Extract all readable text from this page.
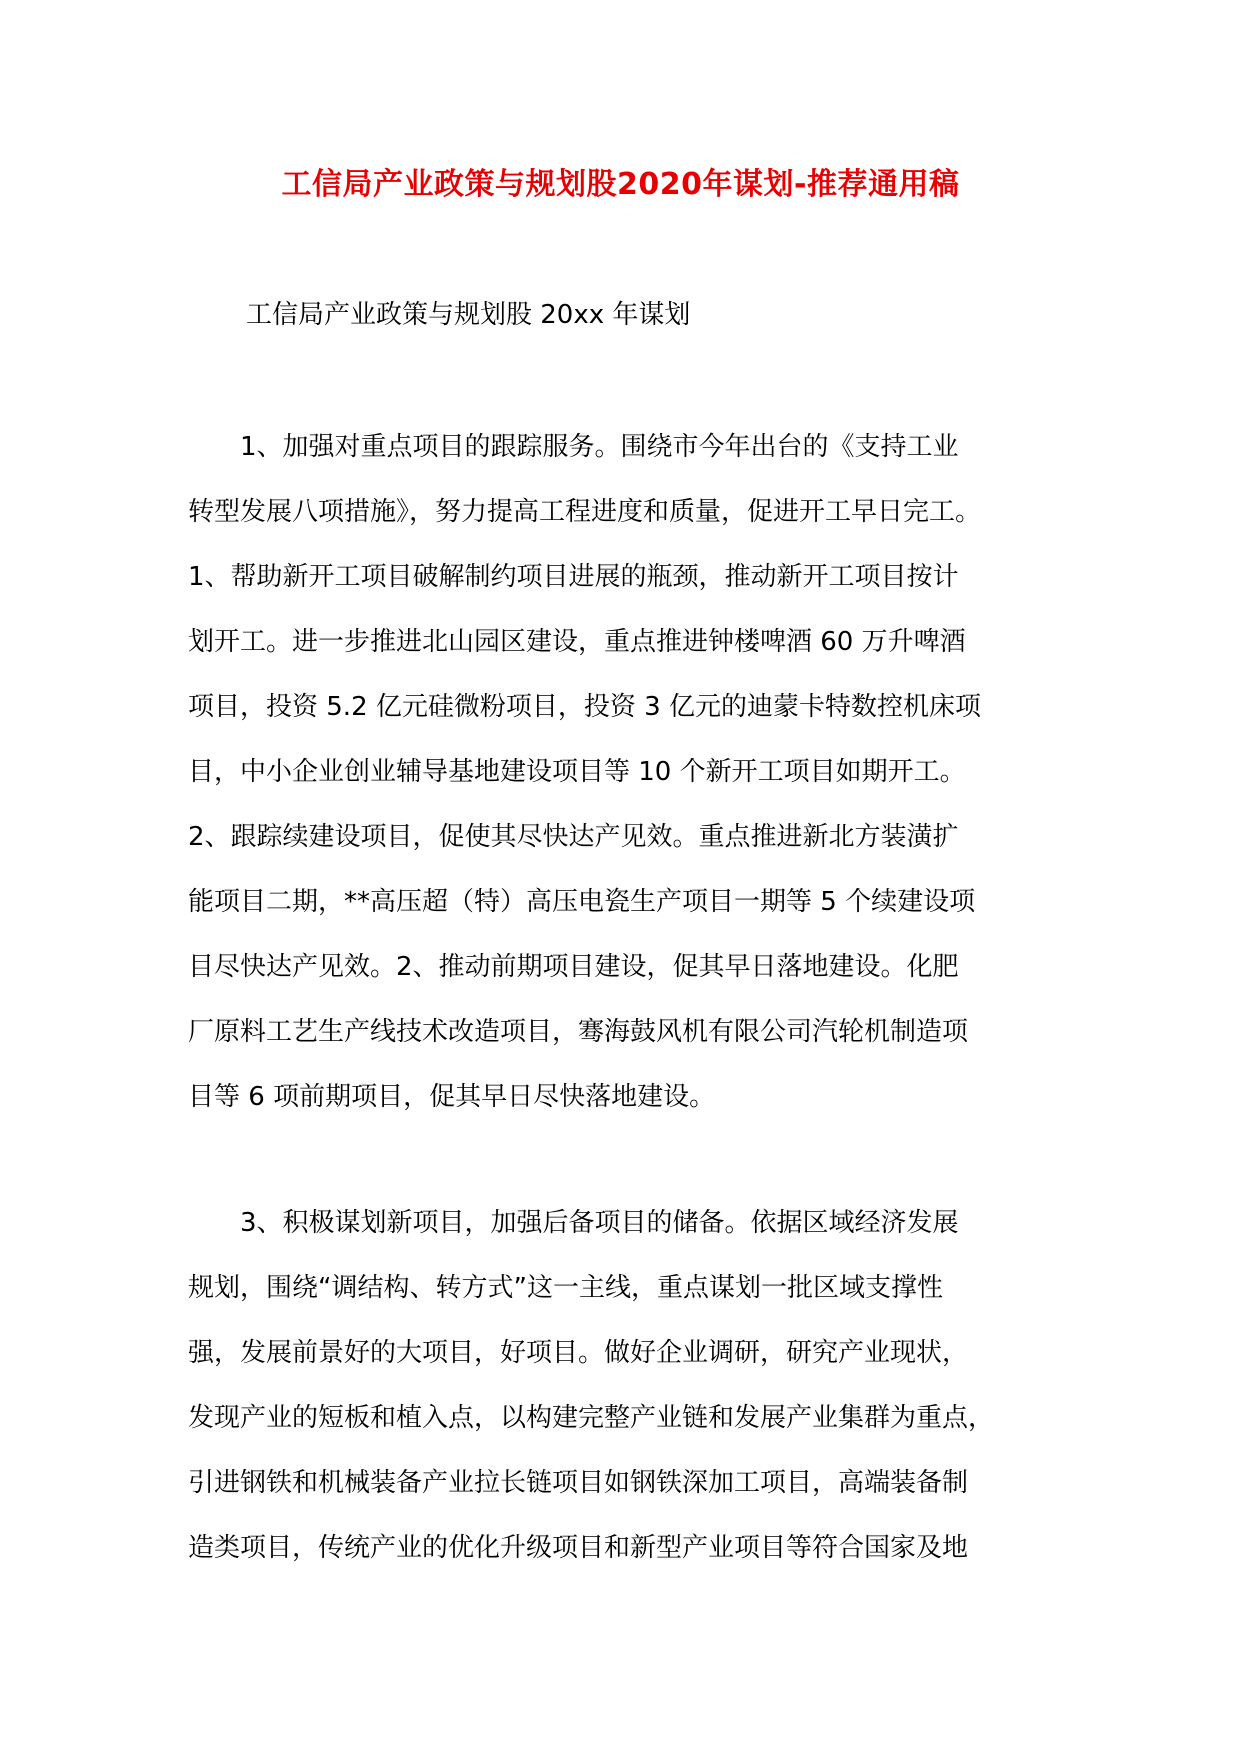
工信局产业政策与规划股2020年谋划-推荐通用稿

工信局产业政策与规划股 20xx 年谋划

　　1、加强对重点项目的跟踪服务。围绕市今年出台的《支持工业
转型发展八项措施》，努力提高工程进度和质量，促进开工早日完工。
1、帮助新开工项目破解制约项目进展的瓶颈，推动新开工项目按计
划开工。进一步推进北山园区建设，重点推进钟楼啤酒 60 万升啤酒
项目，投资 5.2 亿元硅微粉项目，投资 3 亿元的迪蒙卡特数控机床项
目，中小企业创业辅导基地建设项目等 10 个新开工项目如期开工。
2、跟踪续建设项目，促使其尽快达产见效。重点推进新北方装潢扩
能项目二期，**高压超（特）高压电瓷生产项目一期等 5 个续建设项
目尽快达产见效。2、推动前期项目建设，促其早日落地建设。化肥
厂原料工艺生产线技术改造项目，骞海鼓风机有限公司汽轮机制造项
目等 6 项前期项目，促其早日尽快落地建设。
　　3、积极谋划新项目，加强后备项目的储备。依据区域经济发展
规划，围绕“调结构、转方式”这一主线，重点谋划一批区域支撑性
强，发展前景好的大项目，好项目。做好企业调研，研究产业现状，
发现产业的短板和植入点，以构建完整产业链和发展产业集群为重点，
引进钢铁和机械装备产业拉长链项目如钢铁深加工项目，高端装备制
造类项目，传统产业的优化升级项目和新型产业项目等符合国家及地
